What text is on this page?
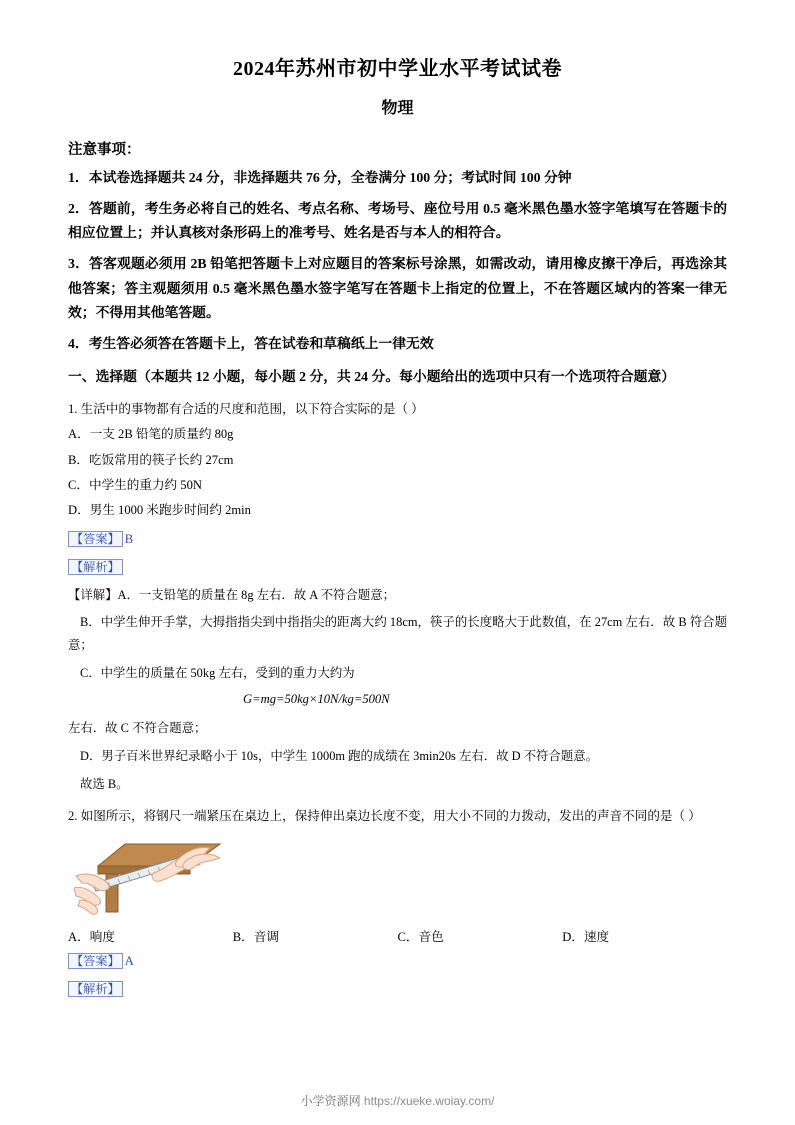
2024年苏州市初中学业水平考试试卷
物理
注意事项：
1．本试卷选择题共 24 分，非选择题共 76 分，全卷满分 100 分；考试时间 100 分钟
2．答题前，考生务必将自己的姓名、考点名称、考场号、座位号用 0.5 毫米黑色墨水签字笔填写在答题卡的相应位置上；并认真核对条形码上的准考号、姓名是否与本人的相符合。
3．答客观题必须用 2B 铅笔把答题卡上对应题目的答案标号涂黑，如需改动，请用橡皮擦干净后，再选涂其他答案；答主观题须用 0.5 毫米黑色墨水签字笔写在答题卡上指定的位置上，不在答题区域内的答案一律无效；不得用其他笔答题。
4．考生答必须答在答题卡上，答在试卷和草稿纸上一律无效
一、选择题（本题共 12 小题，每小题 2 分，共 24 分。每小题给出的选项中只有一个选项符合题意）
1. 生活中的事物都有合适的尺度和范围，以下符合实际的是（ ）
A．一支 2B 铅笔的质量约 80g
B．吃饭常用的筷子长约 27cm
C．中学生的重力约 50N
D．男生 1000 米跑步时间约 2min
【答案】 B
【解析】
【详解】A．一支铅笔的质量在 8g 左右．故 A 不符合题意；
B．中学生伸开手掌，大拇指指尖到中指指尖的距离大约 18cm，筷子的长度略大于此数值，在 27cm 左右．故 B 符合题意；
C．中学生的质量在 50kg 左右，受到的重力大约为
G=mg=50kg×10N/kg=500N
左右．故 C 不符合题意；
D．男子百米世界纪录略小于 10s，中学生 1000m 跑的成绩在 3min20s 左右．故 D 不符合题意。
故选 B。
2. 如图所示，将钢尺一端紧压在桌边上，保持伸出桌边长度不变，用大小不同的力拨动，发出的声音不同的是（ ）
A．响度	B．音调	C．音色	D．速度
【答案】 A
【解析】
小学资源网 https://xueke.woiay.com/
